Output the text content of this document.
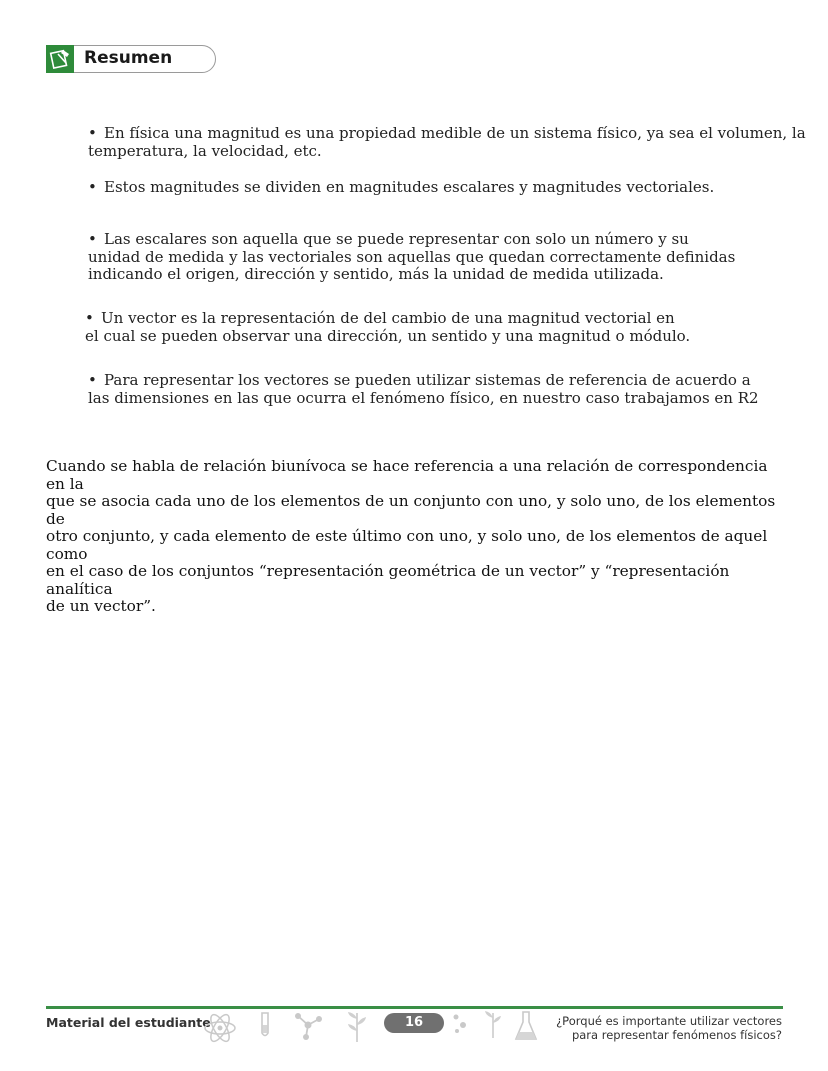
Resumen
• En física una magnitud es una propiedad medible de un sistema físico, ya sea el volumen, la
temperatura, la velocidad, etc.
• Estos magnitudes se dividen en magnitudes escalares y magnitudes vectoriales.
• Las escalares son aquella que se puede representar con solo un número y su
unidad de medida y las vectoriales son aquellas que quedan correctamente definidas
indicando el origen, dirección y sentido, más la unidad de medida utilizada.
• Un vector es la representación de del cambio de una magnitud vectorial en
el cual se pueden observar una dirección, un sentido y una magnitud o módulo.
• Para representar los vectores se pueden utilizar sistemas de referencia de acuerdo a
las dimensiones en las que ocurra el fenómeno físico, en nuestro caso trabajamos en R2
Cuando se habla de relación biunívoca se hace referencia a una relación de correspondencia en la
que se asocia cada uno de los elementos de un conjunto con uno, y solo uno, de los elementos de
otro conjunto, y cada elemento de este último con uno, y solo uno, de los elementos de aquel como
en el caso de los conjuntos “representación geométrica de un vector” y “representación analítica
de un vector”.
Material del estudiante	16	¿Porqué es importante utilizar vectores
para representar fenómenos físicos?
